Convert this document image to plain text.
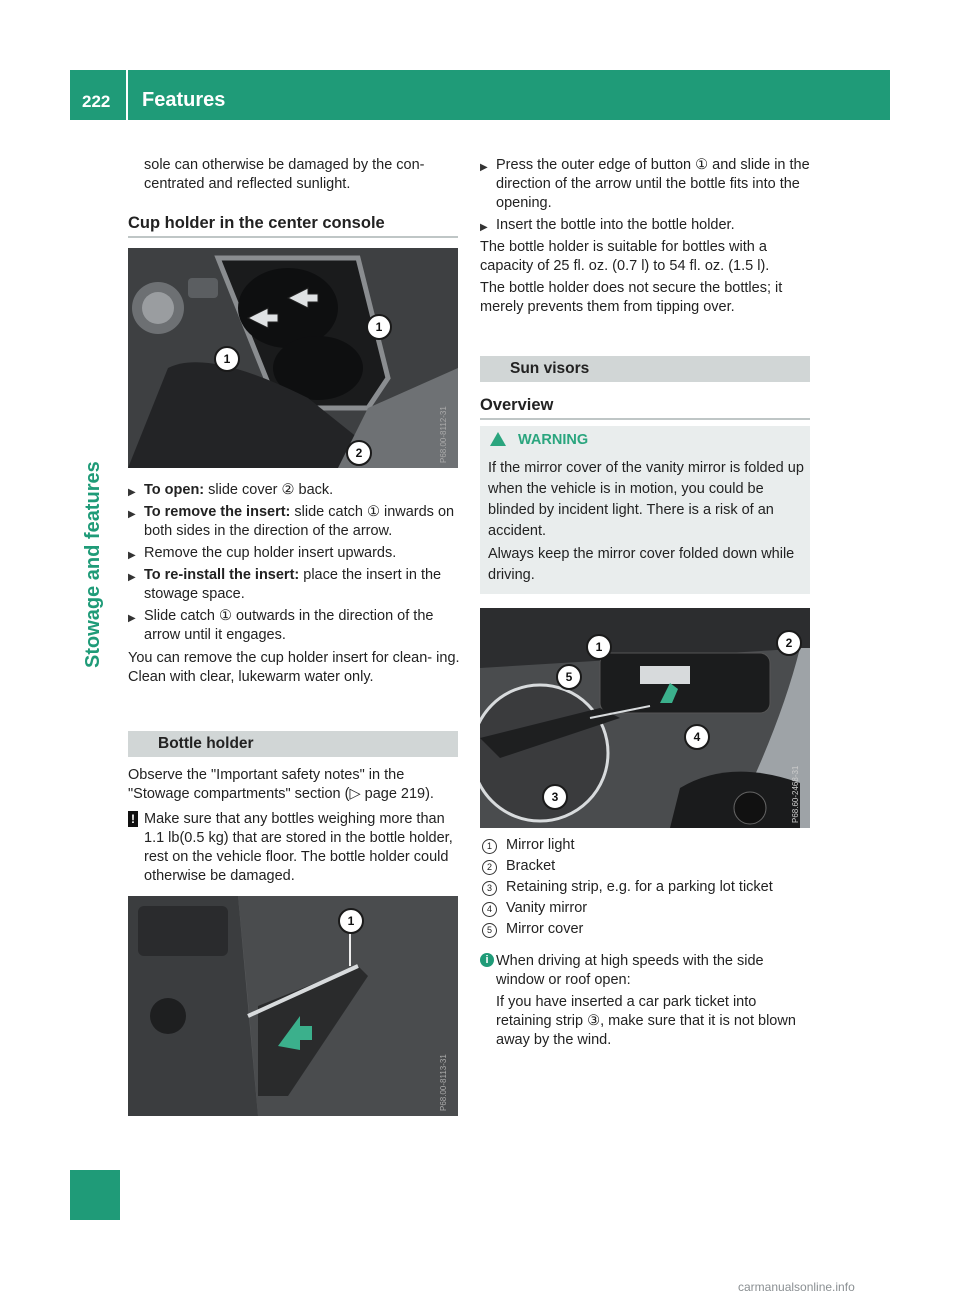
222 Features
Stowage and features
sole can otherwise be damaged by the con-
centrated and reflected sunlight.
Cup holder in the center console
P68.00-8112-31
1
1
2
▶ To open: slide cover ② back.
▶ To remove the insert: slide catch ① inwards on both sides in the direction of the arrow.
▶ Remove the cup holder insert upwards.
▶ To re-install the insert: place the insert in the stowage space.
▶ Slide catch ① outwards in the direction of the arrow until it engages.
You can remove the cup holder insert for clean- ing. Clean with clear, lukewarm water only.
Bottle holder
Observe the "Important safety notes" in the "Stowage compartments" section (▷ page 219).
! Make sure that any bottles weighing more than 1.1 lb(0.5 kg) that are stored in the bottle holder, rest on the vehicle floor. The bottle holder could otherwise be damaged.
P68.00-8113-31
1
▶ Press the outer edge of button ① and slide in the direction of the arrow until the bottle fits into the opening.
▶ Insert the bottle into the bottle holder.
The bottle holder is suitable for bottles with a capacity of 25 fl. oz. (0.7 l) to 54 fl. oz. (1.5 l).
The bottle holder does not secure the bottles; it merely prevents them from tipping over.
Sun visors
Overview
WARNING
If the mirror cover of the vanity mirror is folded up when the vehicle is in motion, you could be blinded by incident light. There is a risk of an accident.
Always keep the mirror cover folded down while driving.
P68.60-2468-31
1	2
3
4
5
1 Mirror light
2 Bracket
3 Retaining strip, e.g. for a parking lot ticket
4 Vanity mirror
5 Mirror cover
i When driving at high speeds with the side window or roof open:
If you have inserted a car park ticket into retaining strip ③, make sure that it is not blown away by the wind.
carmanualsonline.info
